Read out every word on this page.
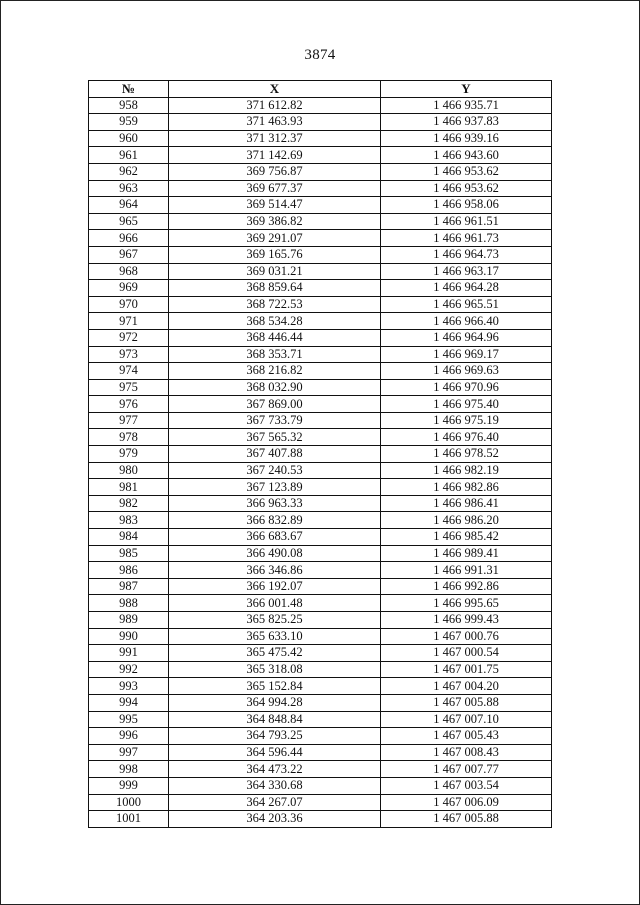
3874
№	X	Y
958	371 612.82	1 466 935.71
959	371 463.93	1 466 937.83
960	371 312.37	1 466 939.16
961	371 142.69	1 466 943.60
962	369 756.87	1 466 953.62
963	369 677.37	1 466 953.62
964	369 514.47	1 466 958.06
965	369 386.82	1 466 961.51
966	369 291.07	1 466 961.73
967	369 165.76	1 466 964.73
968	369 031.21	1 466 963.17
969	368 859.64	1 466 964.28
970	368 722.53	1 466 965.51
971	368 534.28	1 466 966.40
972	368 446.44	1 466 964.96
973	368 353.71	1 466 969.17
974	368 216.82	1 466 969.63
975	368 032.90	1 466 970.96
976	367 869.00	1 466 975.40
977	367 733.79	1 466 975.19
978	367 565.32	1 466 976.40
979	367 407.88	1 466 978.52
980	367 240.53	1 466 982.19
981	367 123.89	1 466 982.86
982	366 963.33	1 466 986.41
983	366 832.89	1 466 986.20
984	366 683.67	1 466 985.42
985	366 490.08	1 466 989.41
986	366 346.86	1 466 991.31
987	366 192.07	1 466 992.86
988	366 001.48	1 466 995.65
989	365 825.25	1 466 999.43
990	365 633.10	1 467 000.76
991	365 475.42	1 467 000.54
992	365 318.08	1 467 001.75
993	365 152.84	1 467 004.20
994	364 994.28	1 467 005.88
995	364 848.84	1 467 007.10
996	364 793.25	1 467 005.43
997	364 596.44	1 467 008.43
998	364 473.22	1 467 007.77
999	364 330.68	1 467 003.54
1000	364 267.07	1 467 006.09
1001	364 203.36	1 467 005.88
